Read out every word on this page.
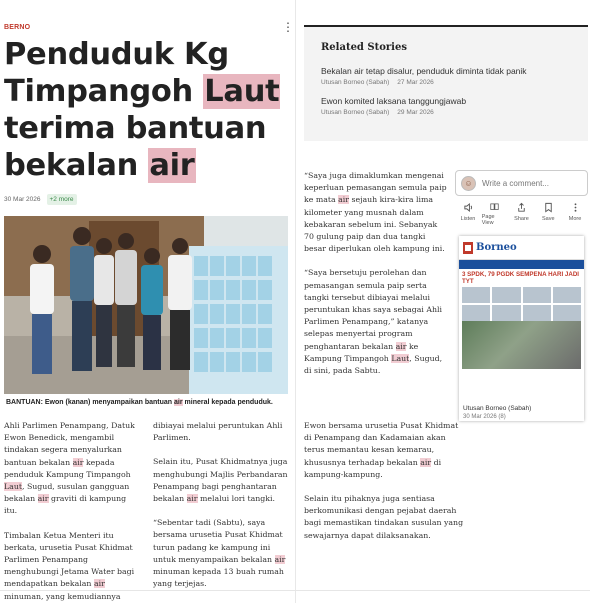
BERNO	⋮
Penduduk Kg Timpangoh Laut terima bantuan bekalan air
30 Mar 2026	+2 more
BANTUAN: Ewon (kanan) menyampaikan bantuan air mineral kepada penduduk.

Ahli Parlimen Penampang, Datuk Ewon Benedick, mengambil tindakan segera menyalurkan bantuan bekalan air kepada penduduk Kampung Timpangoh Laut, Sugud, susulan gangguan bekalan air graviti di kampung itu.

Timbalan Ketua Menteri itu berkata, urusetia Pusat Khidmat Parlimen Penampang menghubungi Jetama Water bagi mendapatkan bekalan air minuman, yang kemudiannya

dibiayai melalui peruntukan Ahli Parlimen.

Selain itu, Pusat Khidmatnya juga menghubungi Majlis Perbandaran Penampang bagi penghantaran bekalan air melalui lori tangki.

“Sebentar tadi (Sabtu), saya bersama urusetia Pusat Khidmat turun padang ke kampung ini untuk menyampaikan bekalan air minuman kepada 13 buah rumah yang terjejas.

Related Stories
Bekalan air tetap disalur, penduduk diminta tidak panik
Utusan Borneo (Sabah) 27 Mar 2026
Ewon komited laksana tanggungjawab
Utusan Borneo (Sabah) 29 Mar 2026

“Saya juga dimaklumkan mengenai keperluan pemasangan semula paip ke mata air sejauh kira-kira lima kilometer yang musnah dalam kebakaran sebelum ini. Sebanyak 70 gulung paip dan dua tangki besar diperlukan oleh kampung ini.

“Saya bersetuju perolehan dan pemasangan semula paip serta tangki tersebut dibiayai melalui peruntukan khas saya sebagai Ahli Parlimen Penampang,” katanya selepas menyertai program penghantaran bekalan air ke Kampung Timpangoh Laut, Sugud, di sini, pada Sabtu.

☺	Write a comment...
Listen Page View
Share Save	More
Borneo
3 SPDK, 79 PGDK SEMPENA HARI JADI TYT
Utusan Borneo (Sabah)
30 Mar 2026 (8)

Ewon bersama urusetia Pusat Khidmat di Penampang dan Kadamaian akan terus memantau kesan kemarau, khususnya terhadap bekalan air di kampung-kampung.

Selain itu pihaknya juga sentiasa berkomunikasi dengan pejabat daerah bagi memastikan tindakan susulan yang sewajarnya dapat dilaksanakan.
